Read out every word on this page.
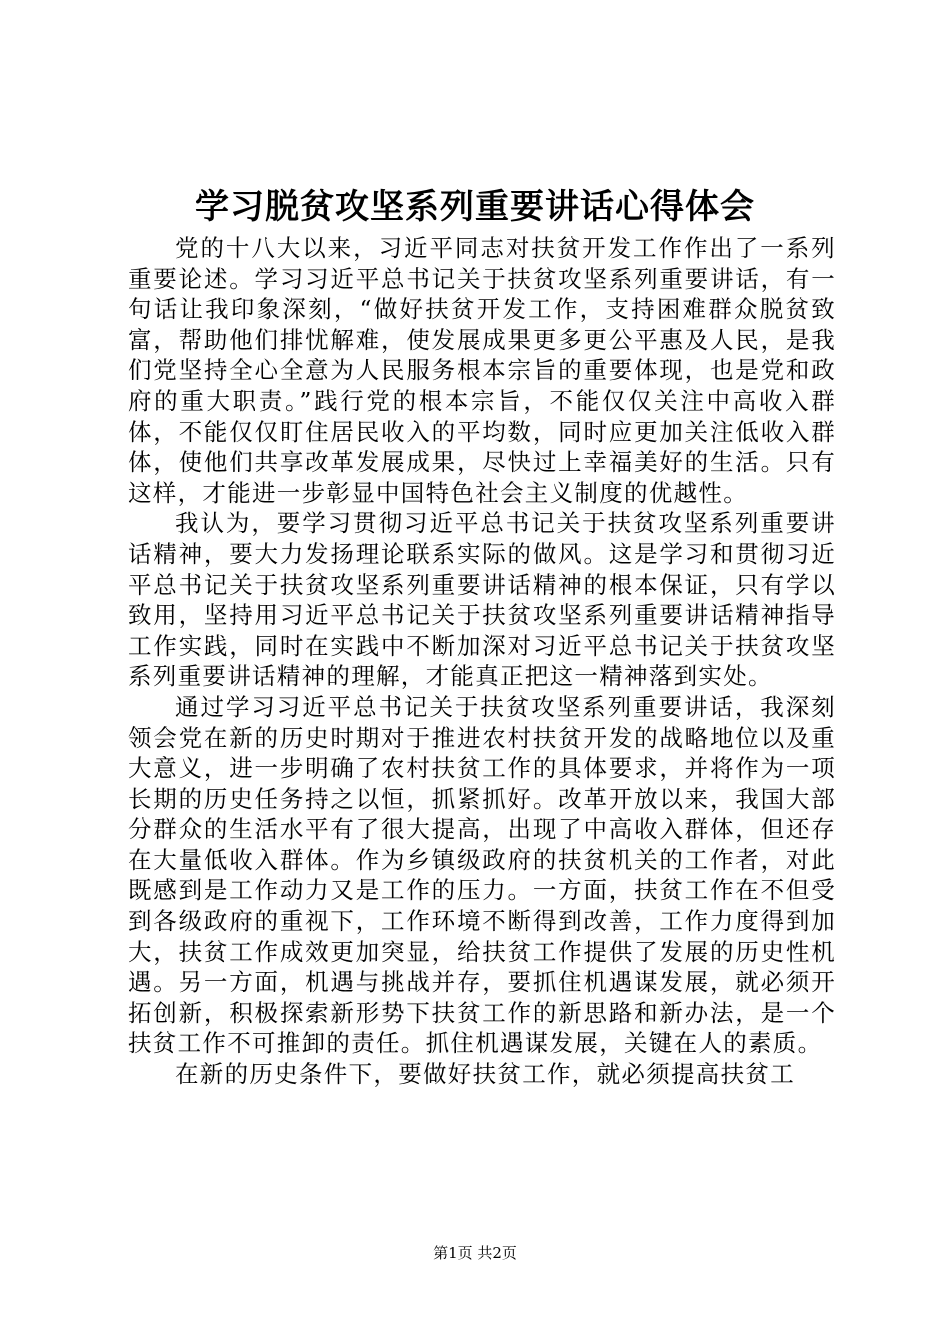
学习脱贫攻坚系列重要讲话心得体会

党的十八大以来，习近平同志对扶贫开发工作作出了一系列重要论述。学习习近平总书记关于扶贫攻坚系列重要讲话，有一句话让我印象深刻，“做好扶贫开发工作，支持困难群众脱贫致富，帮助他们排忧解难，使发展成果更多更公平惠及人民，是我们党坚持全心全意为人民服务根本宗旨的重要体现，也是党和政府的重大职责。”践行党的根本宗旨，不能仅仅关注中高收入群体，不能仅仅盯住居民收入的平均数，同时应更加关注低收入群体，使他们共享改革发展成果，尽快过上幸福美好的生活。只有这样，才能进一步彰显中国特色社会主义制度的优越性。

我认为，要学习贯彻习近平总书记关于扶贫攻坚系列重要讲话精神，要大力发扬理论联系实际的做风。这是学习和贯彻习近平总书记关于扶贫攻坚系列重要讲话精神的根本保证，只有学以致用，坚持用习近平总书记关于扶贫攻坚系列重要讲话精神指导工作实践，同时在实践中不断加深对习近平总书记关于扶贫攻坚系列重要讲话精神的理解，才能真正把这一精神落到实处。

通过学习习近平总书记关于扶贫攻坚系列重要讲话，我深刻领会党在新的历史时期对于推进农村扶贫开发的战略地位以及重大意义，进一步明确了农村扶贫工作的具体要求，并将作为一项长期的历史任务持之以恒，抓紧抓好。改革开放以来，我国大部分群众的生活水平有了很大提高，出现了中高收入群体，但还存在大量低收入群体。作为乡镇级政府的扶贫机关的工作者，对此既感到是工作动力又是工作的压力。一方面，扶贫工作在不但受到各级政府的重视下，工作环境不断得到改善，工作力度得到加大，扶贫工作成效更加突显，给扶贫工作提供了发展的历史性机遇。另一方面，机遇与挑战并存，要抓住机遇谋发展，就必须开拓创新，积极探索新形势下扶贫工作的新思路和新办法，是一个扶贫工作不可推卸的责任。抓住机遇谋发展，关键在人的素质。

在新的历史条件下，要做好扶贫工作，就必须提高扶贫工

第1页 共2页
